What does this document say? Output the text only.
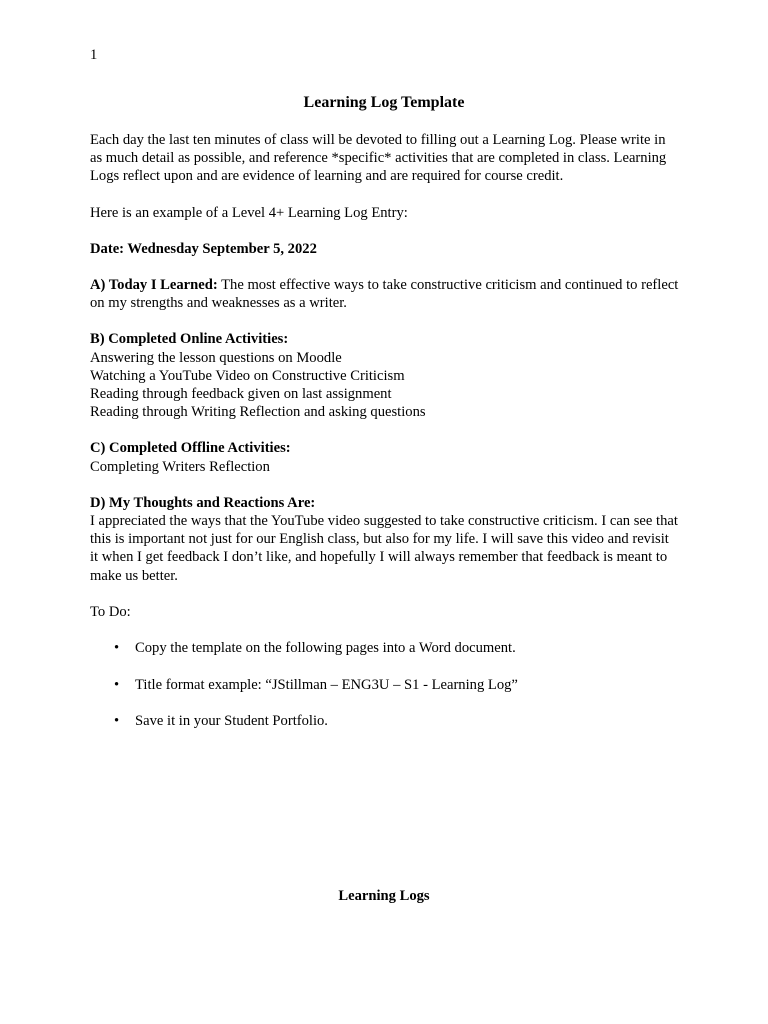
1
Learning Log Template

Each day the last ten minutes of class will be devoted to filling out a Learning Log. Please write in as much detail as possible, and reference *specific* activities that are completed in class. Learning Logs reflect upon and are evidence of learning and are required for course credit.

Here is an example of a Level 4+ Learning Log Entry:

Date: Wednesday September 5, 2022

A) Today I Learned: The most effective ways to take constructive criticism and continued to reflect on my strengths and weaknesses as a writer.

B) Completed Online Activities:
Answering the lesson questions on Moodle
Watching a YouTube Video on Constructive Criticism
Reading through feedback given on last assignment
Reading through Writing Reflection and asking questions

C) Completed Offline Activities:
Completing Writers Reflection

D) My Thoughts and Reactions Are:
I appreciated the ways that the YouTube video suggested to take constructive criticism. I can see that this is important not just for our English class, but also for my life. I will save this video and revisit it when I get feedback I don’t like, and hopefully I will always remember that feedback is meant to make us better.

To Do:
• Copy the template on the following pages into a Word document.
• Title format example: “JStillman – ENG3U – S1 - Learning Log”
• Save it in your Student Portfolio.
Learning Logs
